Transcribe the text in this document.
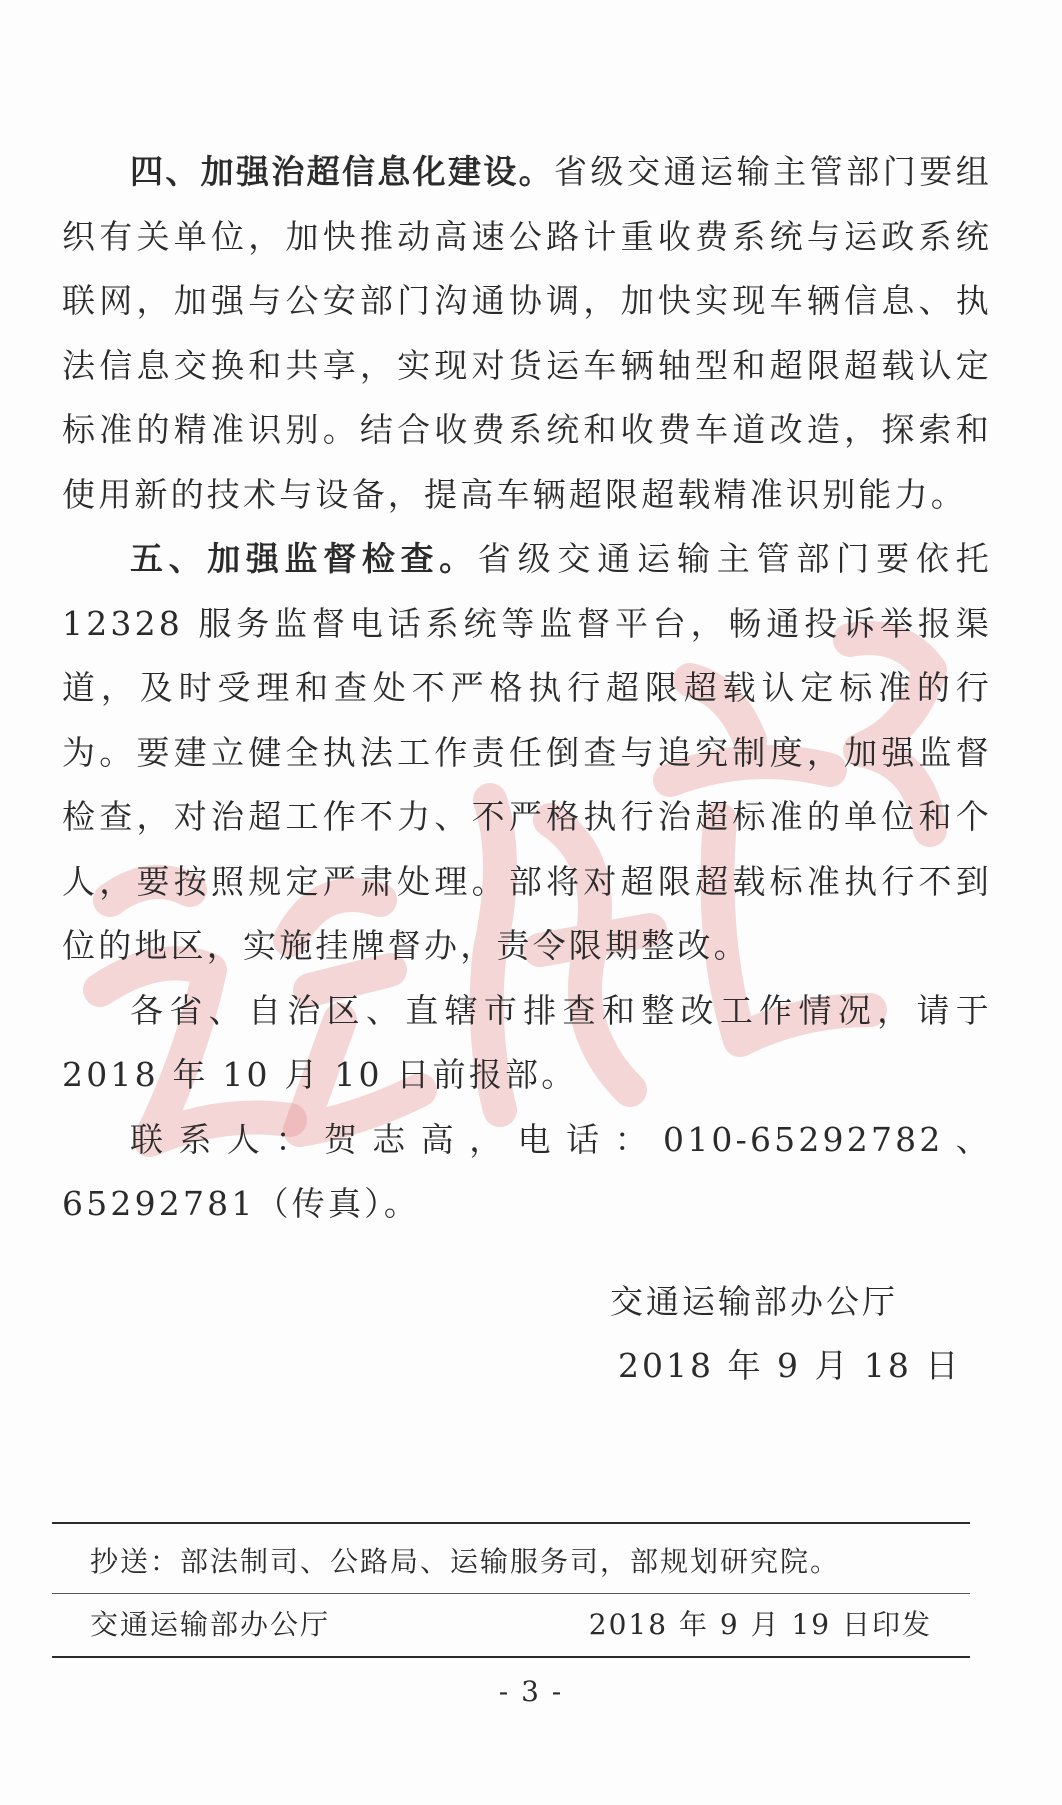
四、加强治超信息化建设。省级交通运输主管部门要组织有关单位，加快推动高速公路计重收费系统与运政系统联网，加强与公安部门沟通协调，加快实现车辆信息、执法信息交换和共享，实现对货运车辆轴型和超限超载认定标准的精准识别。结合收费系统和收费车道改造，探索和使用新的技术与设备，提高车辆超限超载精准识别能力。

五、加强监督检查。省级交通运输主管部门要依托 12328 服务监督电话系统等监督平台，畅通投诉举报渠道，及时受理和查处不严格执行超限超载认定标准的行为。要建立健全执法工作责任倒查与追究制度，加强监督检查，对治超工作不力、不严格执行治超标准的单位和个人，要按照规定严肃处理。部将对超限超载标准执行不到位的地区，实施挂牌督办，责令限期整改。

各省、自治区、直辖市排查和整改工作情况，请于 2018 年 10 月 10 日前报部。

联系人：贺志高，电话：010-65292782、65292781（传真）。

交通运输部办公厅
2018 年 9 月 18 日
抄送：部法制司、公路局、运输服务司，部规划研究院。
交通运输部办公厅	2018 年 9 月 19 日印发
- 3 -
